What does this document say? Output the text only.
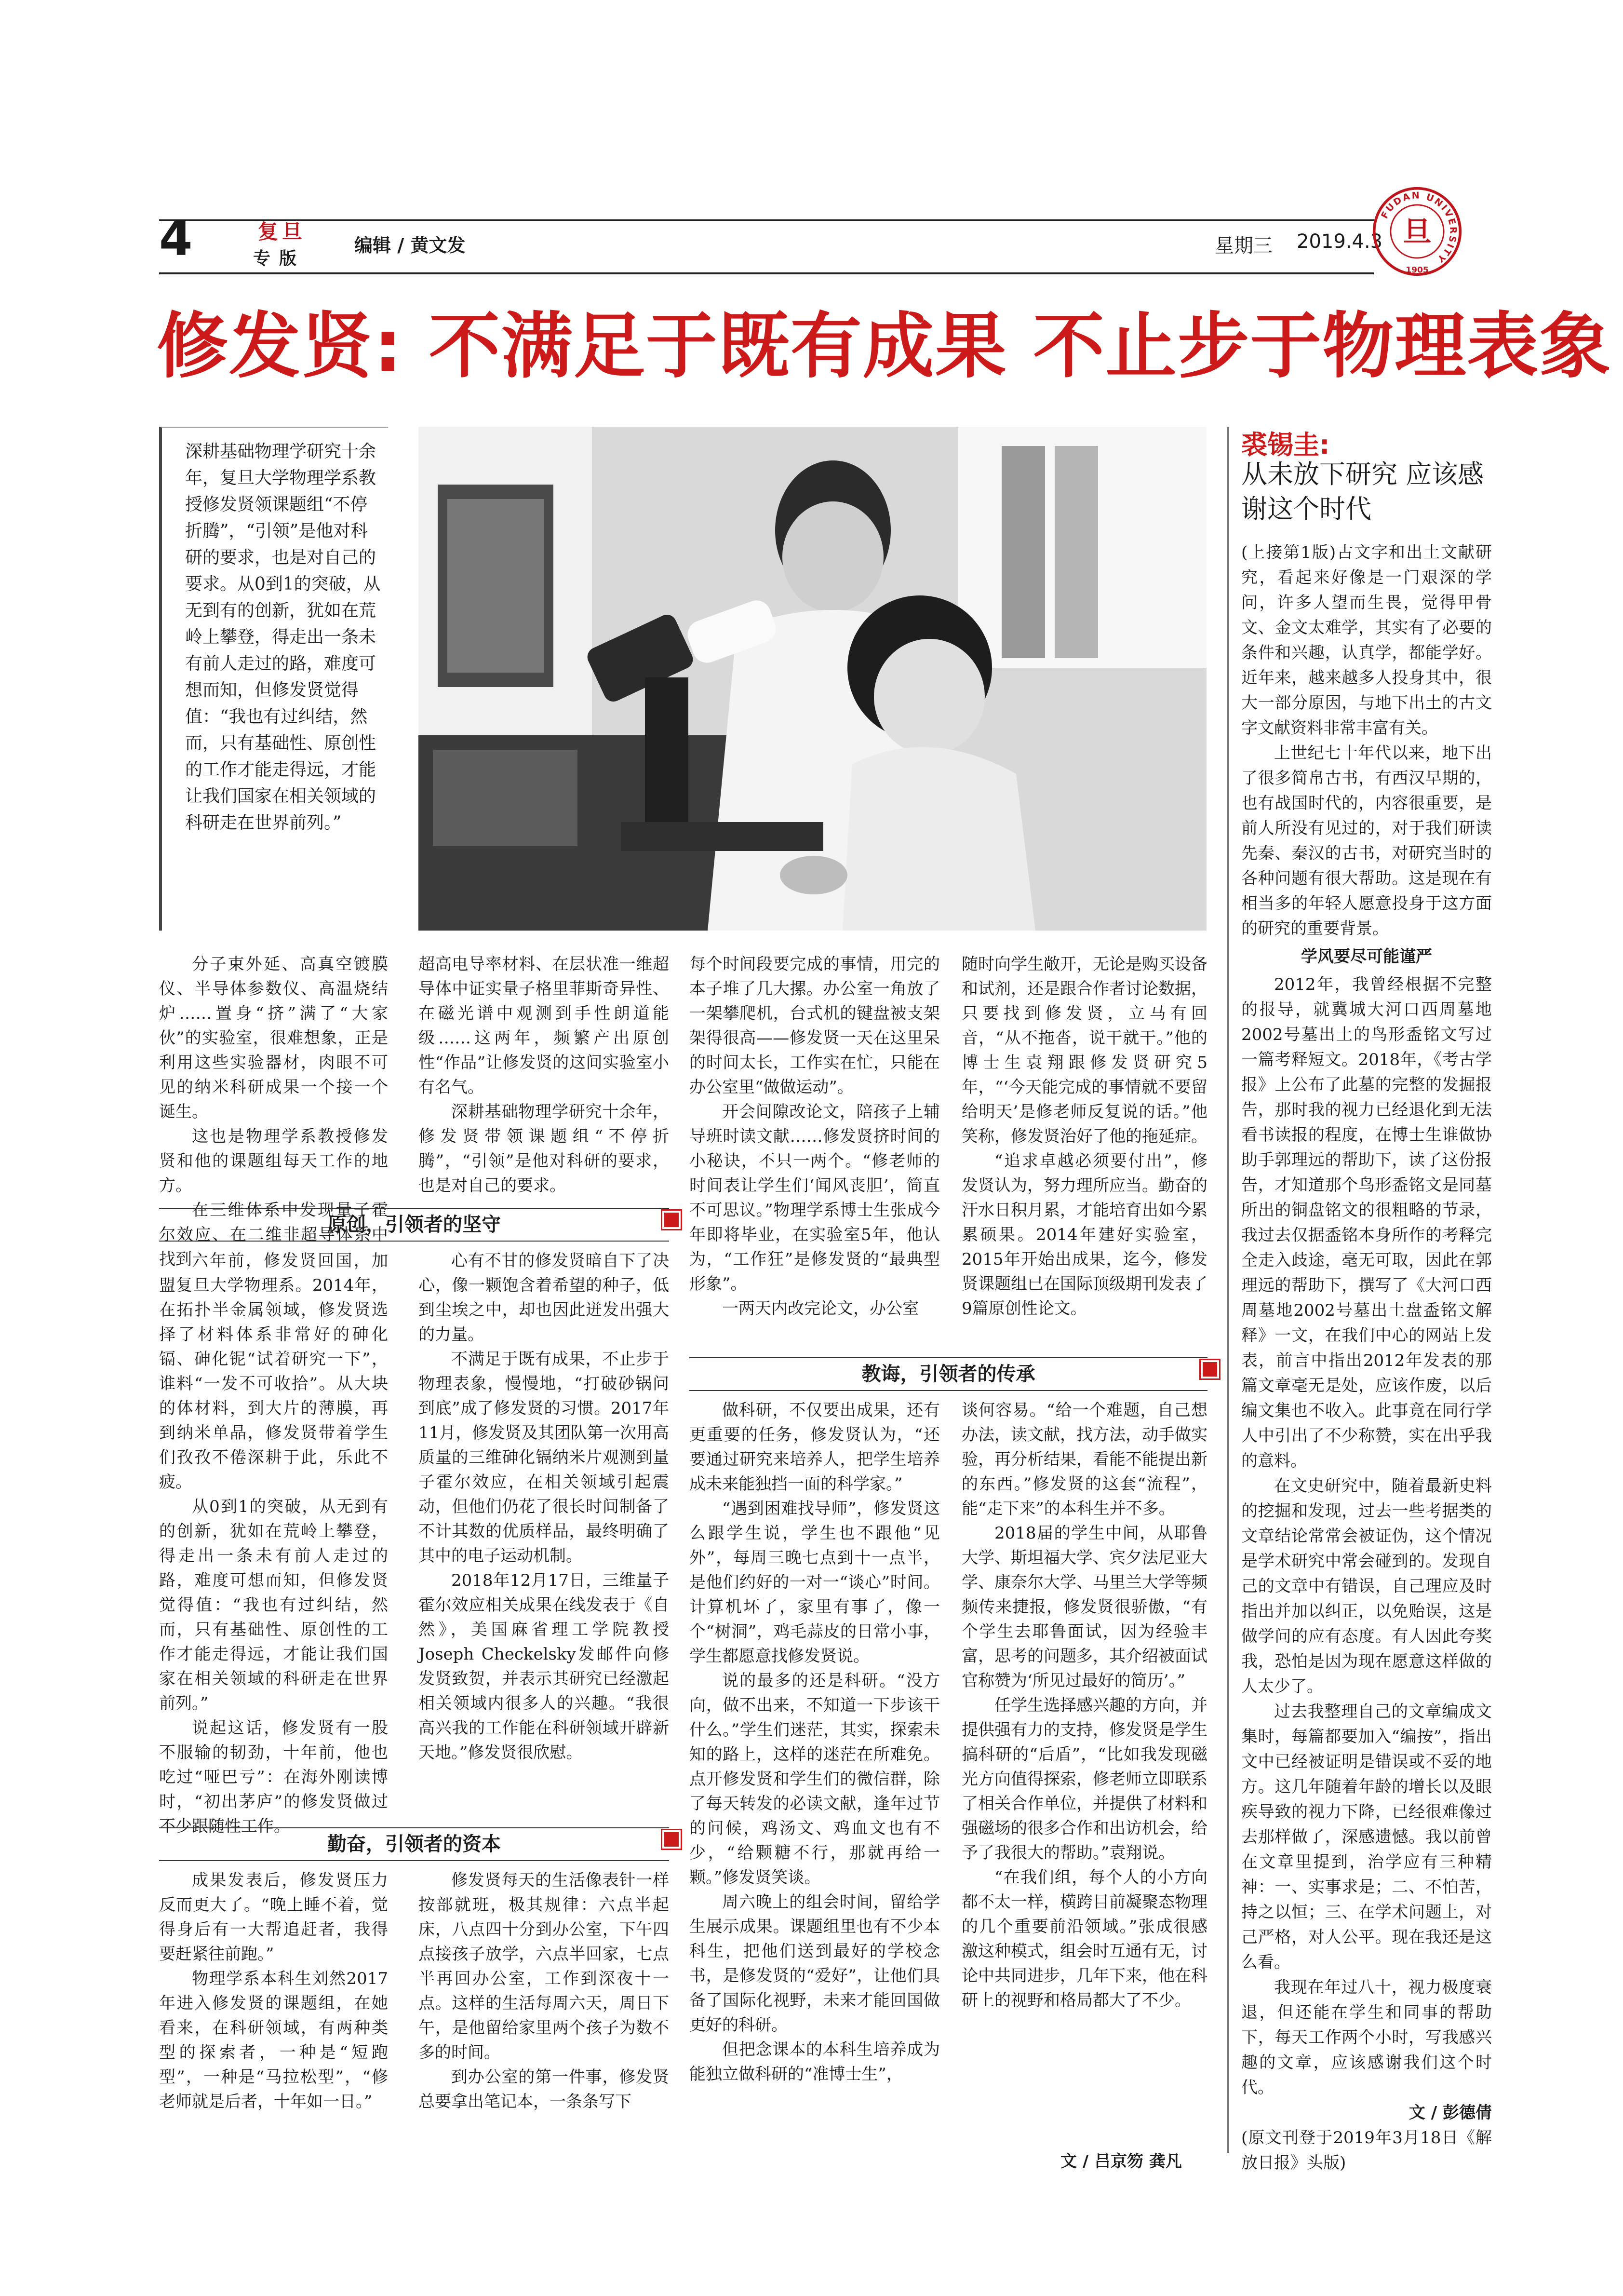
4	复旦
专版
编辑 / 黄文发	星期三 2019.4.3
FUDAN UNIVERSITY
旦
1905
修发贤: 不满足于既有成果 不止步于物理表象
深耕基础物理学研究十余年，复旦大学物理学系教授修发贤领课题组“不停折腾”，“引领”是他对科研的要求，也是对自己的要求。从0到1的突破，从无到有的创新，犹如在荒岭上攀登，得走出一条未有前人走过的路，难度可想而知，但修发贤觉得值：“我也有过纠结，然而，只有基础性、原创性的工作才能走得远，才能让我们国家在相关领域的科研走在世界前列。”
裘锡圭:
从未放下研究 应该感谢这个时代

(上接第1版)古文字和出土文献研究，看起来好像是一门艰深的学问，许多人望而生畏，觉得甲骨文、金文太难学，其实有了必要的条件和兴趣，认真学，都能学好。近年来，越来越多人投身其中，很大一部分原因，与地下出土的古文字文献资料非常丰富有关。

上世纪七十年代以来，地下出了很多简帛古书，有西汉早期的，也有战国时代的，内容很重要，是前人所没有见过的，对于我们研读先秦、秦汉的古书，对研究当时的各种问题有很大帮助。这是现在有相当多的年轻人愿意投身于这方面的研究的重要背景。

学风要尽可能谨严

2012年，我曾经根据不完整的报导，就冀城大河口西周墓地2002号墓出土的鸟形盉铭文写过一篇考释短文。2018年，《考古学报》上公布了此墓的完整的发掘报告，那时我的视力已经退化到无法看书读报的程度，在博士生谁做协助手郭理远的帮助下，读了这份报告，才知道那个鸟形盉铭文是同墓所出的铜盘铭文的很粗略的节录，我过去仅据盉铭本身所作的考释完全走入歧途，毫无可取，因此在郭理远的帮助下，撰写了《大河口西周墓地2002号墓出土盘盉铭文解释》一文，在我们中心的网站上发表，前言中指出2012年发表的那篇文章毫无是处，应该作废，以后编文集也不收入。此事竟在同行学人中引出了不少称赞，实在出乎我的意料。

在文史研究中，随着最新史料的挖掘和发现，过去一些考据类的文章结论常常会被证伪，这个情况是学术研究中常会碰到的。发现自己的文章中有错误，自己理应及时指出并加以纠正，以免贻误，这是做学问的应有态度。有人因此夸奖我，恐怕是因为现在愿意这样做的人太少了。

过去我整理自己的文章编成文集时，每篇都要加入“编按”，指出文中已经被证明是错误或不妥的地方。这几年随着年龄的增长以及眼疾导致的视力下降，已经很难像过去那样做了，深感遗憾。我以前曾在文章里提到，治学应有三种精神：一、实事求是；二、不怕苦，持之以恒；三、在学术问题上，对己严格，对人公平。现在我还是这么看。

我现在年过八十，视力极度衰退，但还能在学生和同事的帮助下，每天工作两个小时，写我感兴趣的文章，应该感谢我们这个时代。

文 / 彭德倩

(原文刊登于2019年3月18日《解放日报》头版)

分子束外延、高真空镀膜仪、半导体参数仪、高温烧结炉……置身“挤”满了“大家伙”的实验室，很难想象，正是利用这些实验器材，肉眼不可见的纳米科研成果一个接一个诞生。

这也是物理学系教授修发贤和他的课题组每天工作的地方。

在三维体系中发现量子霍尔效应、在二维非超导体系中找到

超高电导率材料、在层状准一维超导体中证实量子格里菲斯奇异性、在磁光谱中观测到手性朗道能级……这两年，频繁产出原创性“作品”让修发贤的这间实验室小有名气。

深耕基础物理学研究十余年，修发贤带领课题组“不停折腾”，“引领”是他对科研的要求，也是对自己的要求。

原创，引领者的坚守

六年前，修发贤回国，加盟复旦大学物理系。2014年，在拓扑半金属领域，修发贤选择了材料体系非常好的砷化镉、砷化铌“试着研究一下”，谁料“一发不可收拾”。从大块的体材料，到大片的薄膜，再到纳米单晶，修发贤带着学生们孜孜不倦深耕于此，乐此不疲。

从0到1的突破，从无到有的创新，犹如在荒岭上攀登，得走出一条未有前人走过的路，难度可想而知，但修发贤觉得值：“我也有过纠结，然而，只有基础性、原创性的工作才能走得远，才能让我们国家在相关领域的科研走在世界前列。”

说起这话，修发贤有一股不服输的韧劲，十年前，他也吃过“哑巴亏”：在海外刚读博时，“初出茅庐”的修发贤做过不少跟随性工作。

心有不甘的修发贤暗自下了决心，像一颗饱含着希望的种子，低到尘埃之中，却也因此迸发出强大的力量。

不满足于既有成果，不止步于物理表象，慢慢地，“打破砂锅问到底”成了修发贤的习惯。2017年11月，修发贤及其团队第一次用高质量的三维砷化镉纳米片观测到量子霍尔效应，在相关领域引起震动，但他们仍花了很长时间制备了不计其数的优质样品，最终明确了其中的电子运动机制。

2018年12月17日，三维量子霍尔效应相关成果在线发表于《自然》，美国麻省理工学院教授Joseph Checkelsky发邮件向修发贤致贺，并表示其研究已经激起相关领域内很多人的兴趣。“我很高兴我的工作能在科研领域开辟新天地。”修发贤很欣慰。

勤奋，引领者的资本

成果发表后，修发贤压力反而更大了。“晚上睡不着，觉得身后有一大帮追赶者，我得要赶紧往前跑。”

物理学系本科生刘然2017年进入修发贤的课题组，在她看来，在科研领域，有两种类型的探索者，一种是“短跑型”，一种是“马拉松型”，“修老师就是后者，十年如一日。”

修发贤每天的生活像表针一样按部就班，极其规律：六点半起床，八点四十分到办公室，下午四点接孩子放学，六点半回家，七点半再回办公室，工作到深夜十一点。这样的生活每周六天，周日下午，是他留给家里两个孩子为数不多的时间。

到办公室的第一件事，修发贤总要拿出笔记本，一条条写下

每个时间段要完成的事情，用完的本子堆了几大摞。办公室一角放了一架攀爬机，台式机的键盘被支架架得很高——修发贤一天在这里呆的时间太长，工作实在忙，只能在办公室里“做做运动”。

开会间隙改论文，陪孩子上辅导班时读文献……修发贤挤时间的小秘诀，不只一两个。“修老师的时间表让学生们‘闻风丧胆’，简直不可思议。”物理学系博士生张成今年即将毕业，在实验室5年，他认为，“工作狂”是修发贤的“最典型形象”。

一两天内改完论文，办公室

随时向学生敞开，无论是购买设备和试剂，还是跟合作者讨论数据，只要找到修发贤，立马有回音，“从不拖沓，说干就干。”他的博士生袁翔跟修发贤研究5年，“‘今天能完成的事情就不要留给明天’是修老师反复说的话。”他笑称，修发贤治好了他的拖延症。

“追求卓越必须要付出”，修发贤认为，努力理所应当。勤奋的汗水日积月累，才能培育出如今累累硕果。2014年建好实验室，2015年开始出成果，迄今，修发贤课题组已在国际顶级期刊发表了9篇原创性论文。

教诲，引领者的传承

做科研，不仅要出成果，还有更重要的任务，修发贤认为，“还要通过研究来培养人，把学生培养成未来能独挡一面的科学家。”

“遇到困难找导师”，修发贤这么跟学生说，学生也不跟他“见外”，每周三晚七点到十一点半，是他们约好的一对一“谈心”时间。计算机坏了，家里有事了，像一个“树洞”，鸡毛蒜皮的日常小事，学生都愿意找修发贤说。

说的最多的还是科研。“没方向，做不出来，不知道一下步该干什么。”学生们迷茫，其实，探索未知的路上，这样的迷茫在所难免。点开修发贤和学生们的微信群，除了每天转发的必读文献，逢年过节的问候，鸡汤文、鸡血文也有不少，“给颗糖不行，那就再给一颗。”修发贤笑谈。

周六晚上的组会时间，留给学生展示成果。课题组里也有不少本科生，把他们送到最好的学校念书，是修发贤的“爱好”，让他们具备了国际化视野，未来才能回国做更好的科研。

但把念课本的本科生培养成为能独立做科研的“准博士生”，

谈何容易。“给一个难题，自己想办法，读文献，找方法，动手做实验，再分析结果，看能不能提出新的东西。”修发贤的这套“流程”，能“走下来”的本科生并不多。

2018届的学生中间，从耶鲁大学、斯坦福大学、宾夕法尼亚大学、康奈尔大学、马里兰大学等频频传来捷报，修发贤很骄傲，“有个学生去耶鲁面试，因为经验丰富，思考的问题多，其介绍被面试官称赞为‘所见过最好的简历’。”

任学生选择感兴趣的方向，并提供强有力的支持，修发贤是学生搞科研的“后盾”，“比如我发现磁光方向值得探索，修老师立即联系了相关合作单位，并提供了材料和强磁场的很多合作和出访机会，给予了我很大的帮助。”袁翔说。

“在我们组，每个人的小方向都不太一样，横跨目前凝聚态物理的几个重要前沿领域。”张成很感激这种模式，组会时互通有无，讨论中共同进步，几年下来，他在科研上的视野和格局都大了不少。

文 / 吕京笏 龚凡
